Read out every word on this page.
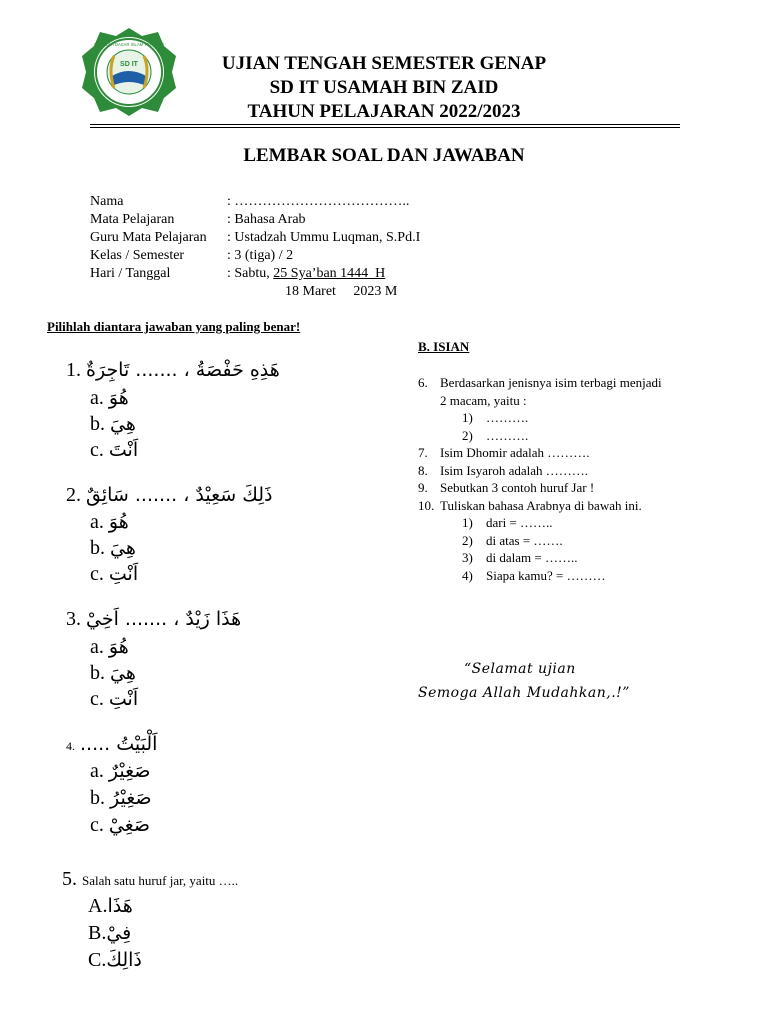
SD IT
SEKOLAH DASAR ISLAM TERPADU
UJIAN TENGAH SEMESTER GENAP
SD IT USAMAH BIN ZAID
TAHUN PELAJARAN 2022/2023
LEMBAR SOAL DAN JAWABAN
Nama	: ………………………………..
Mata Pelajaran	: Bahasa Arab
Guru Mata Pelajaran	: Ustadzah Ummu Luqman, S.Pd.I
Kelas / Semester	: 3 (tiga) / 2
Hari / Tanggal	: Sabtu, 25 Sya’ban 1444  H
18 Maret     2023 M
Pilihlah diantara jawaban yang paling benar!
1. هَذِهِ حَفْصَةُ ، ....... تَاجِرَةٌ
a. هُوَ
b. هِيَ
c. اَنْتَ
2. ذَلِكَ سَعِيْدٌ ، ....... سَائِقٌ
a. هُوَ
b. هِيَ
c. اَنْتِ
3. هَذَا زَيْدٌ ، ....... اَخِيْ
a. هُوَ
b. هِيَ
c. اَنْتِ
4. اَلْبَيْتُ .....
a. صَغِيْرٌ
b. صَغِيْرُ
c. صَغِيْ
5. Salah satu huruf jar, yaitu …..
A.هَذَا
B.فِيْ
C.ذَالِكَ
B. ISIAN
6. Berdasarkan jenisnya isim terbagi menjadi
2 macam, yaitu :
1)	……….
2)	……….
7. Isim Dhomir adalah ……….
8. Isim Isyaroh adalah ……….
9. Sebutkan 3 contoh huruf Jar !
10. Tuliskan bahasa Arabnya di bawah ini.
1)	dari = ……..
2)	di atas = …….
3)	di dalam = ……..
4)	Siapa kamu? = ………
“Selamat ujian
Semoga Allah Mudahkan,.!”
